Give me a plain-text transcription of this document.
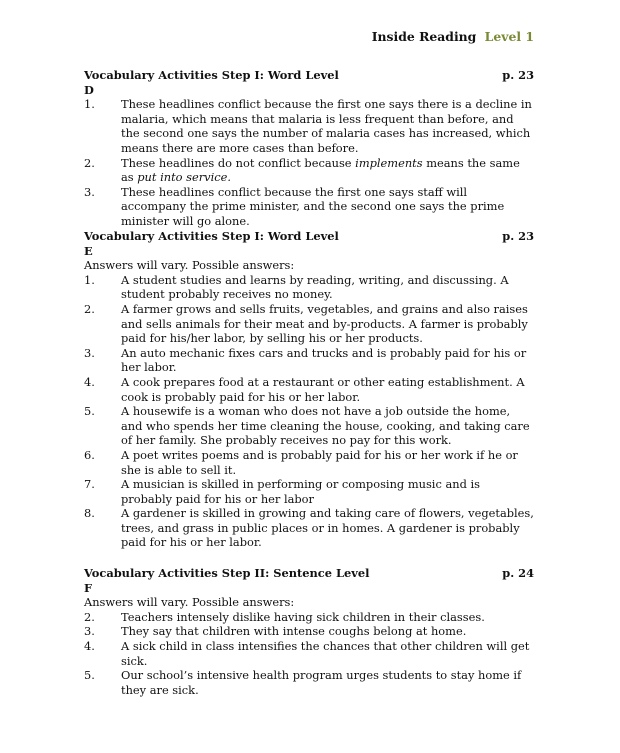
Inside Reading Level 1
Vocabulary Activities Step I: Word Level	p. 23
D
1.	These headlines conflict because the first one says there is a decline in malaria, which means that malaria is less frequent than before, and the second one says the number of malaria cases has increased, which means there are more cases than before.
2.	These headlines do not conflict because implements means the same as put into service.
3.	These headlines conflict because the first one says staff will accompany the prime minister, and the second one says the prime minister will go alone.
Vocabulary Activities Step I: Word Level	p. 23
E
Answers will vary. Possible answers:
1.	A student studies and learns by reading, writing, and discussing. A student probably receives no money.
2.	A farmer grows and sells fruits, vegetables, and grains and also raises and sells animals for their meat and by-products. A farmer is probably paid for his/her labor, by selling his or her products.
3.	An auto mechanic fixes cars and trucks and is probably paid for his or her labor.
4.	A cook prepares food at a restaurant or other eating establishment. A cook is probably paid for his or her labor.
5.	A housewife is a woman who does not have a job outside the home, and who spends her time cleaning the house, cooking, and taking care of her family. She probably receives no pay for this work.
6.	A poet writes poems and is probably paid for his or her work if he or she is able to sell it.
7.	A musician is skilled in performing or composing music and is probably paid for his or her labor
8.	A gardener is skilled in growing and taking care of flowers, vegetables, trees, and grass in public places or in homes. A gardener is probably paid for his or her labor.
Vocabulary Activities Step II: Sentence Level	p. 24
F
Answers will vary. Possible answers:
2.	Teachers intensely dislike having sick children in their classes.
3.	They say that children with intense coughs belong at home.
4.	A sick child in class intensifies the chances that other children will get sick.
5.	Our school’s intensive health program urges students to stay home if they are sick.
